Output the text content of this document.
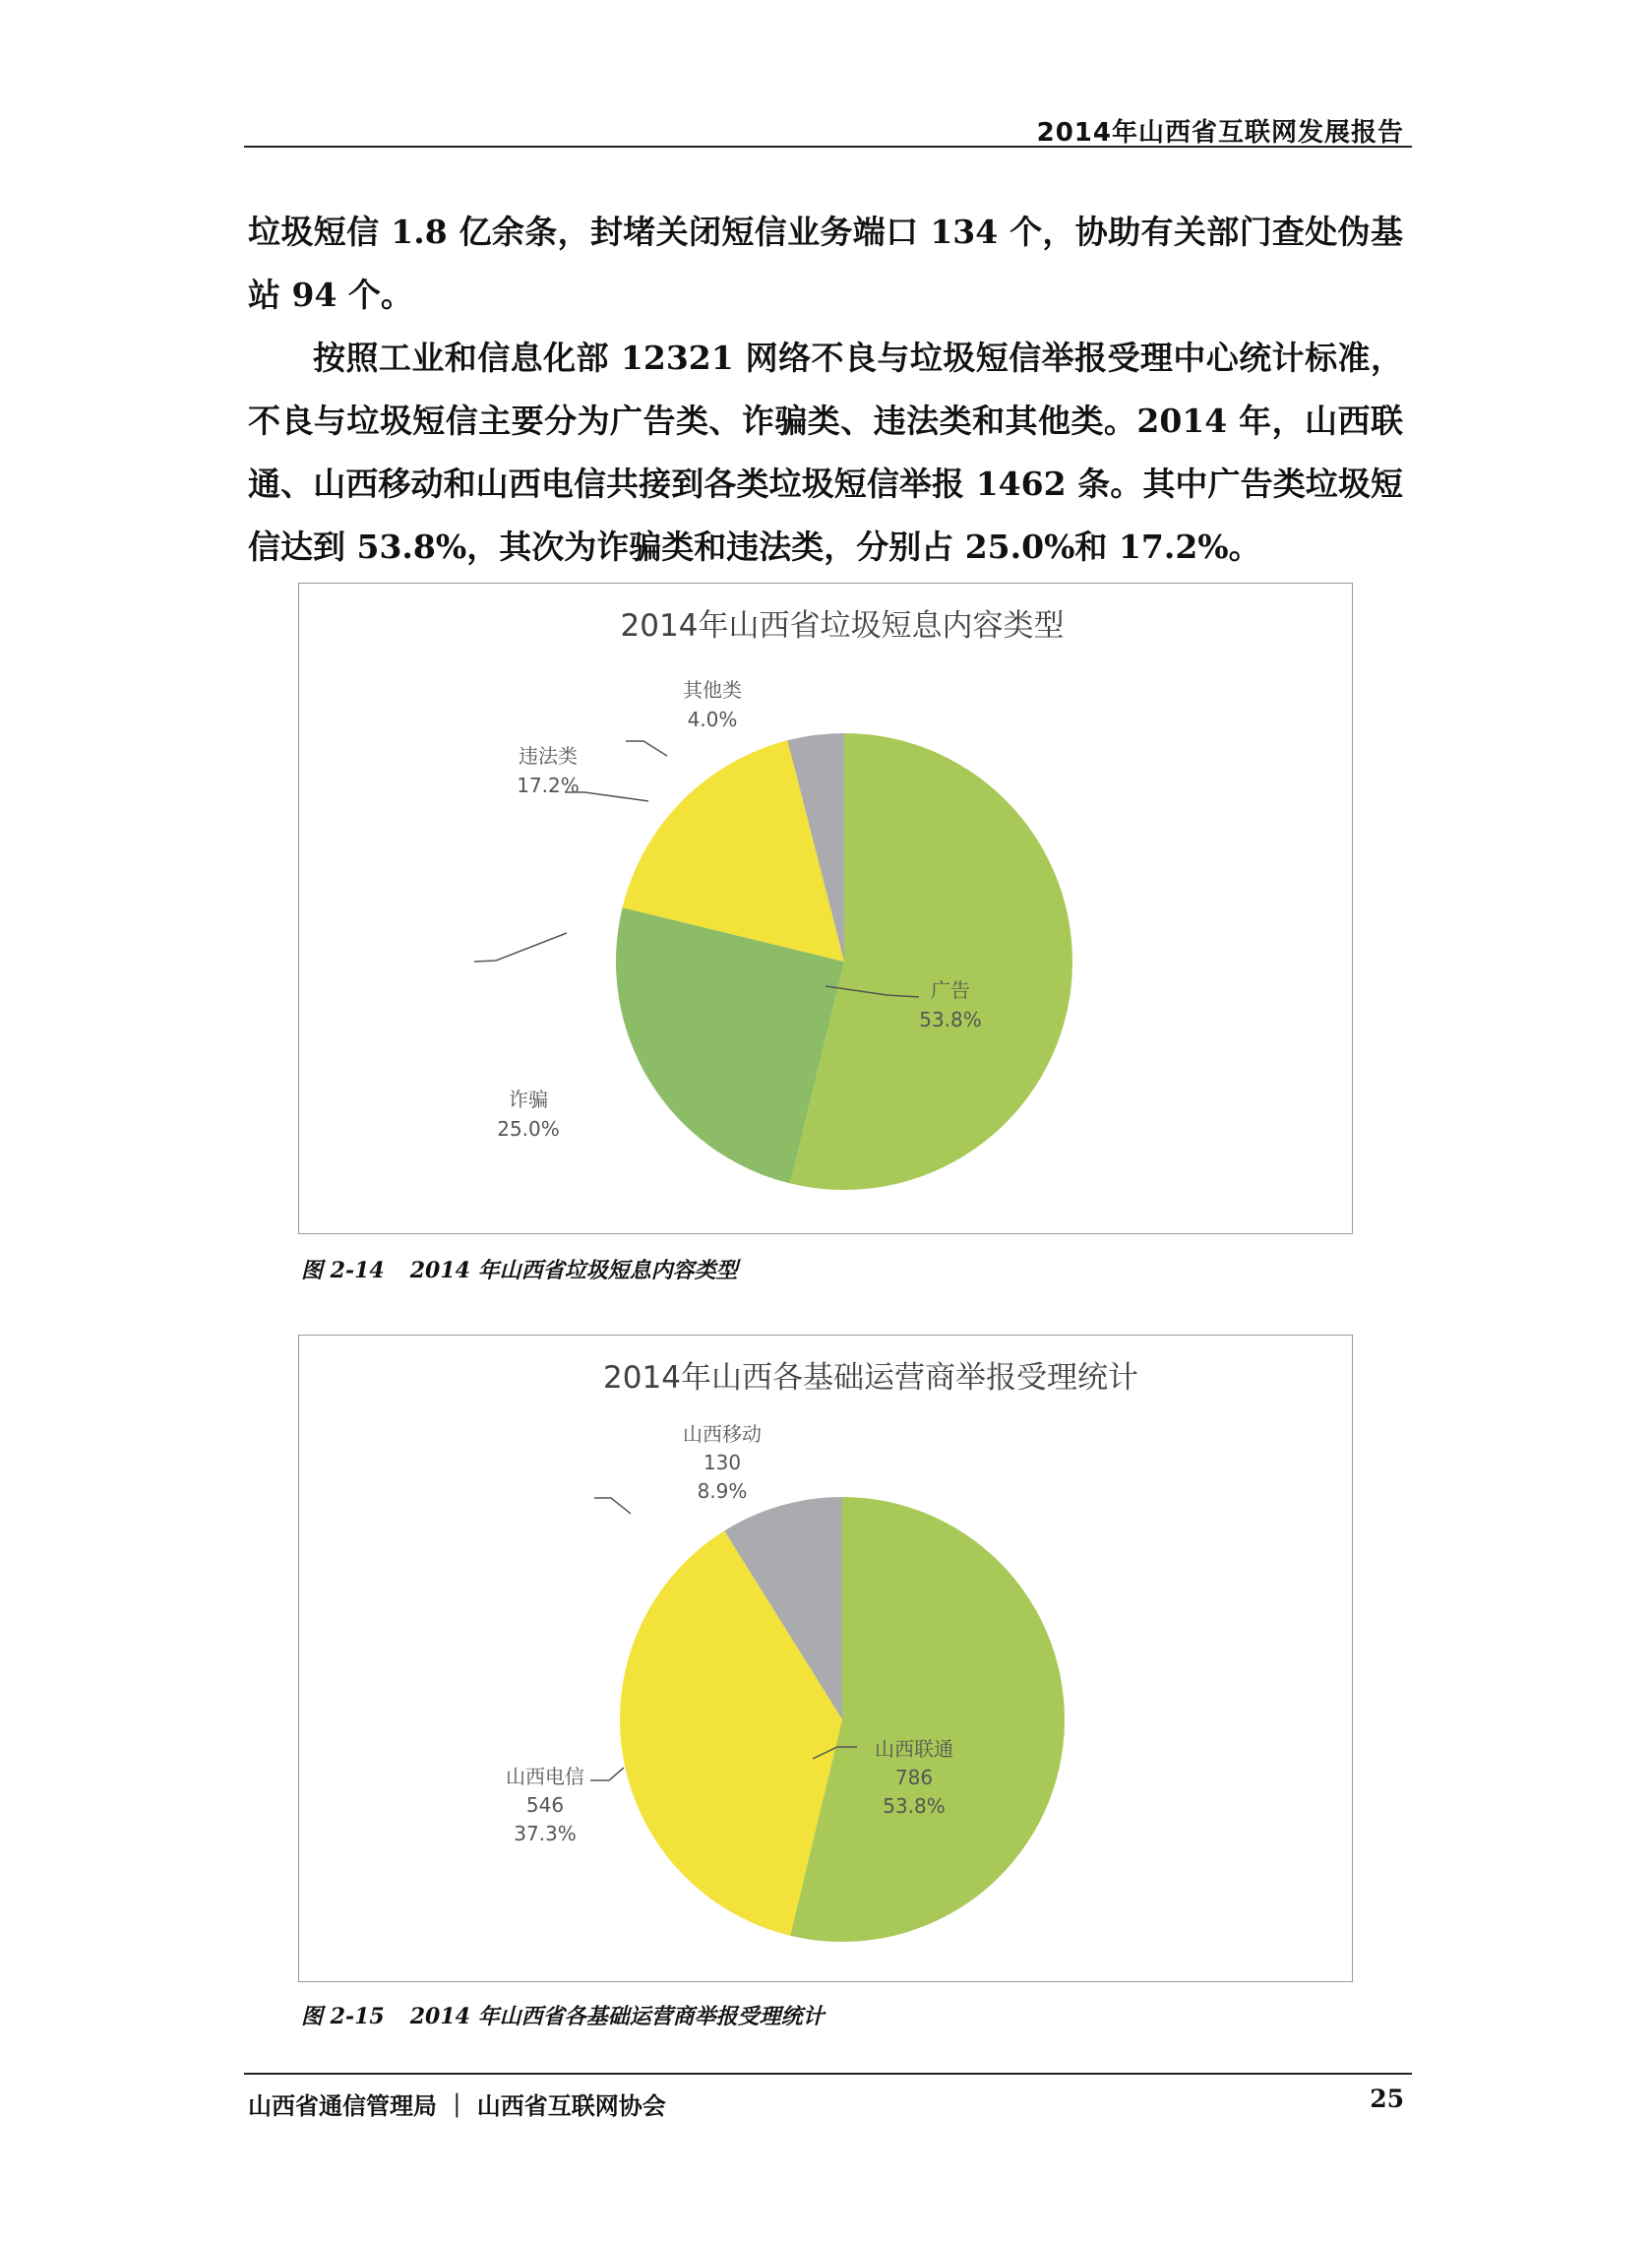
2014年山西省互联网发展报告

垃圾短信 1.8 亿余条，封堵关闭短信业务端口 134 个，协助有关部门查处伪基站 94 个。

按照工业和信息化部 12321 网络不良与垃圾短信举报受理中心统计标准，不良与垃圾短信主要分为广告类、诈骗类、违法类和其他类。2014 年，山西联通、山西移动和山西电信共接到各类垃圾短信举报 1462 条。其中广告类垃圾短信达到 53.8%，其次为诈骗类和违法类，分别占 25.0%和 17.2%。

2014年山西省垃圾短息内容类型
广告
53.8%
诈骗
25.0%
违法类
17.2%
其他类
4.0%
图 2-14 2014 年山西省垃圾短息内容类型
2014年山西各基础运营商举报受理统计
山西联通
786
53.8%
山西电信
546
37.3%
山西移动
130
8.9%
图 2-15 2014 年山西省各基础运营商举报受理统计
山西省通信管理局 ｜ 山西省互联网协会	25
